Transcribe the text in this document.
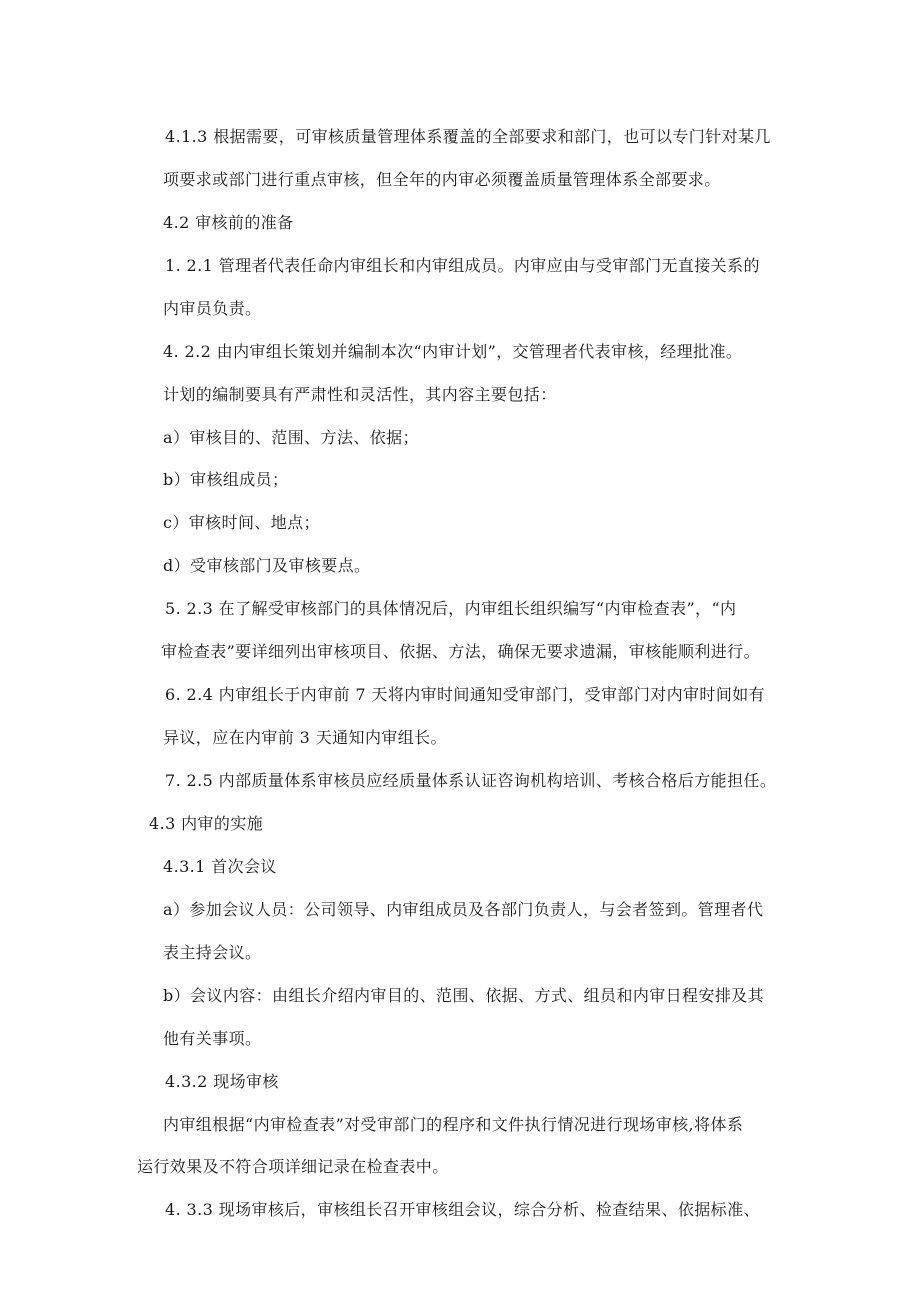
4.1.3 根据需要，可审核质量管理体系覆盖的全部要求和部门，也可以专门针对某几
项要求或部门进行重点审核，但全年的内审必须覆盖质量管理体系全部要求。
4.2 审核前的准备
1. 2.1 管理者代表任命内审组长和内审组成员。内审应由与受审部门无直接关系的
内审员负责。
4. 2.2 由内审组长策划并编制本次“内审计划”，交管理者代表审核，经理批准。
计划的编制要具有严肃性和灵活性，其内容主要包括：
a）审核目的、范围、方法、依据；
b）审核组成员；
c）审核时间、地点；
d）受审核部门及审核要点。
5. 2.3 在了解受审核部门的具体情况后，内审组长组织编写“内审检查表”，“内
审检查表”要详细列出审核项目、依据、方法，确保无要求遗漏，审核能顺利进行。
6. 2.4 内审组长于内审前 7 天将内审时间通知受审部门，受审部门对内审时间如有
异议，应在内审前 3 天通知内审组长。
7. 2.5 内部质量体系审核员应经质量体系认证咨询机构培训、考核合格后方能担任。
4.3 内审的实施
4.3.1 首次会议
a）参加会议人员：公司领导、内审组成员及各部门负责人，与会者签到。管理者代
表主持会议。
b）会议内容：由组长介绍内审目的、范围、依据、方式、组员和内审日程安排及其
他有关事项。
4.3.2 现场审核
内审组根据“内审检查表”对受审部门的程序和文件执行情况进行现场审核,将体系
运行效果及不符合项详细记录在检查表中。
4. 3.3 现场审核后，审核组长召开审核组会议，综合分析、检查结果、依据标准、
